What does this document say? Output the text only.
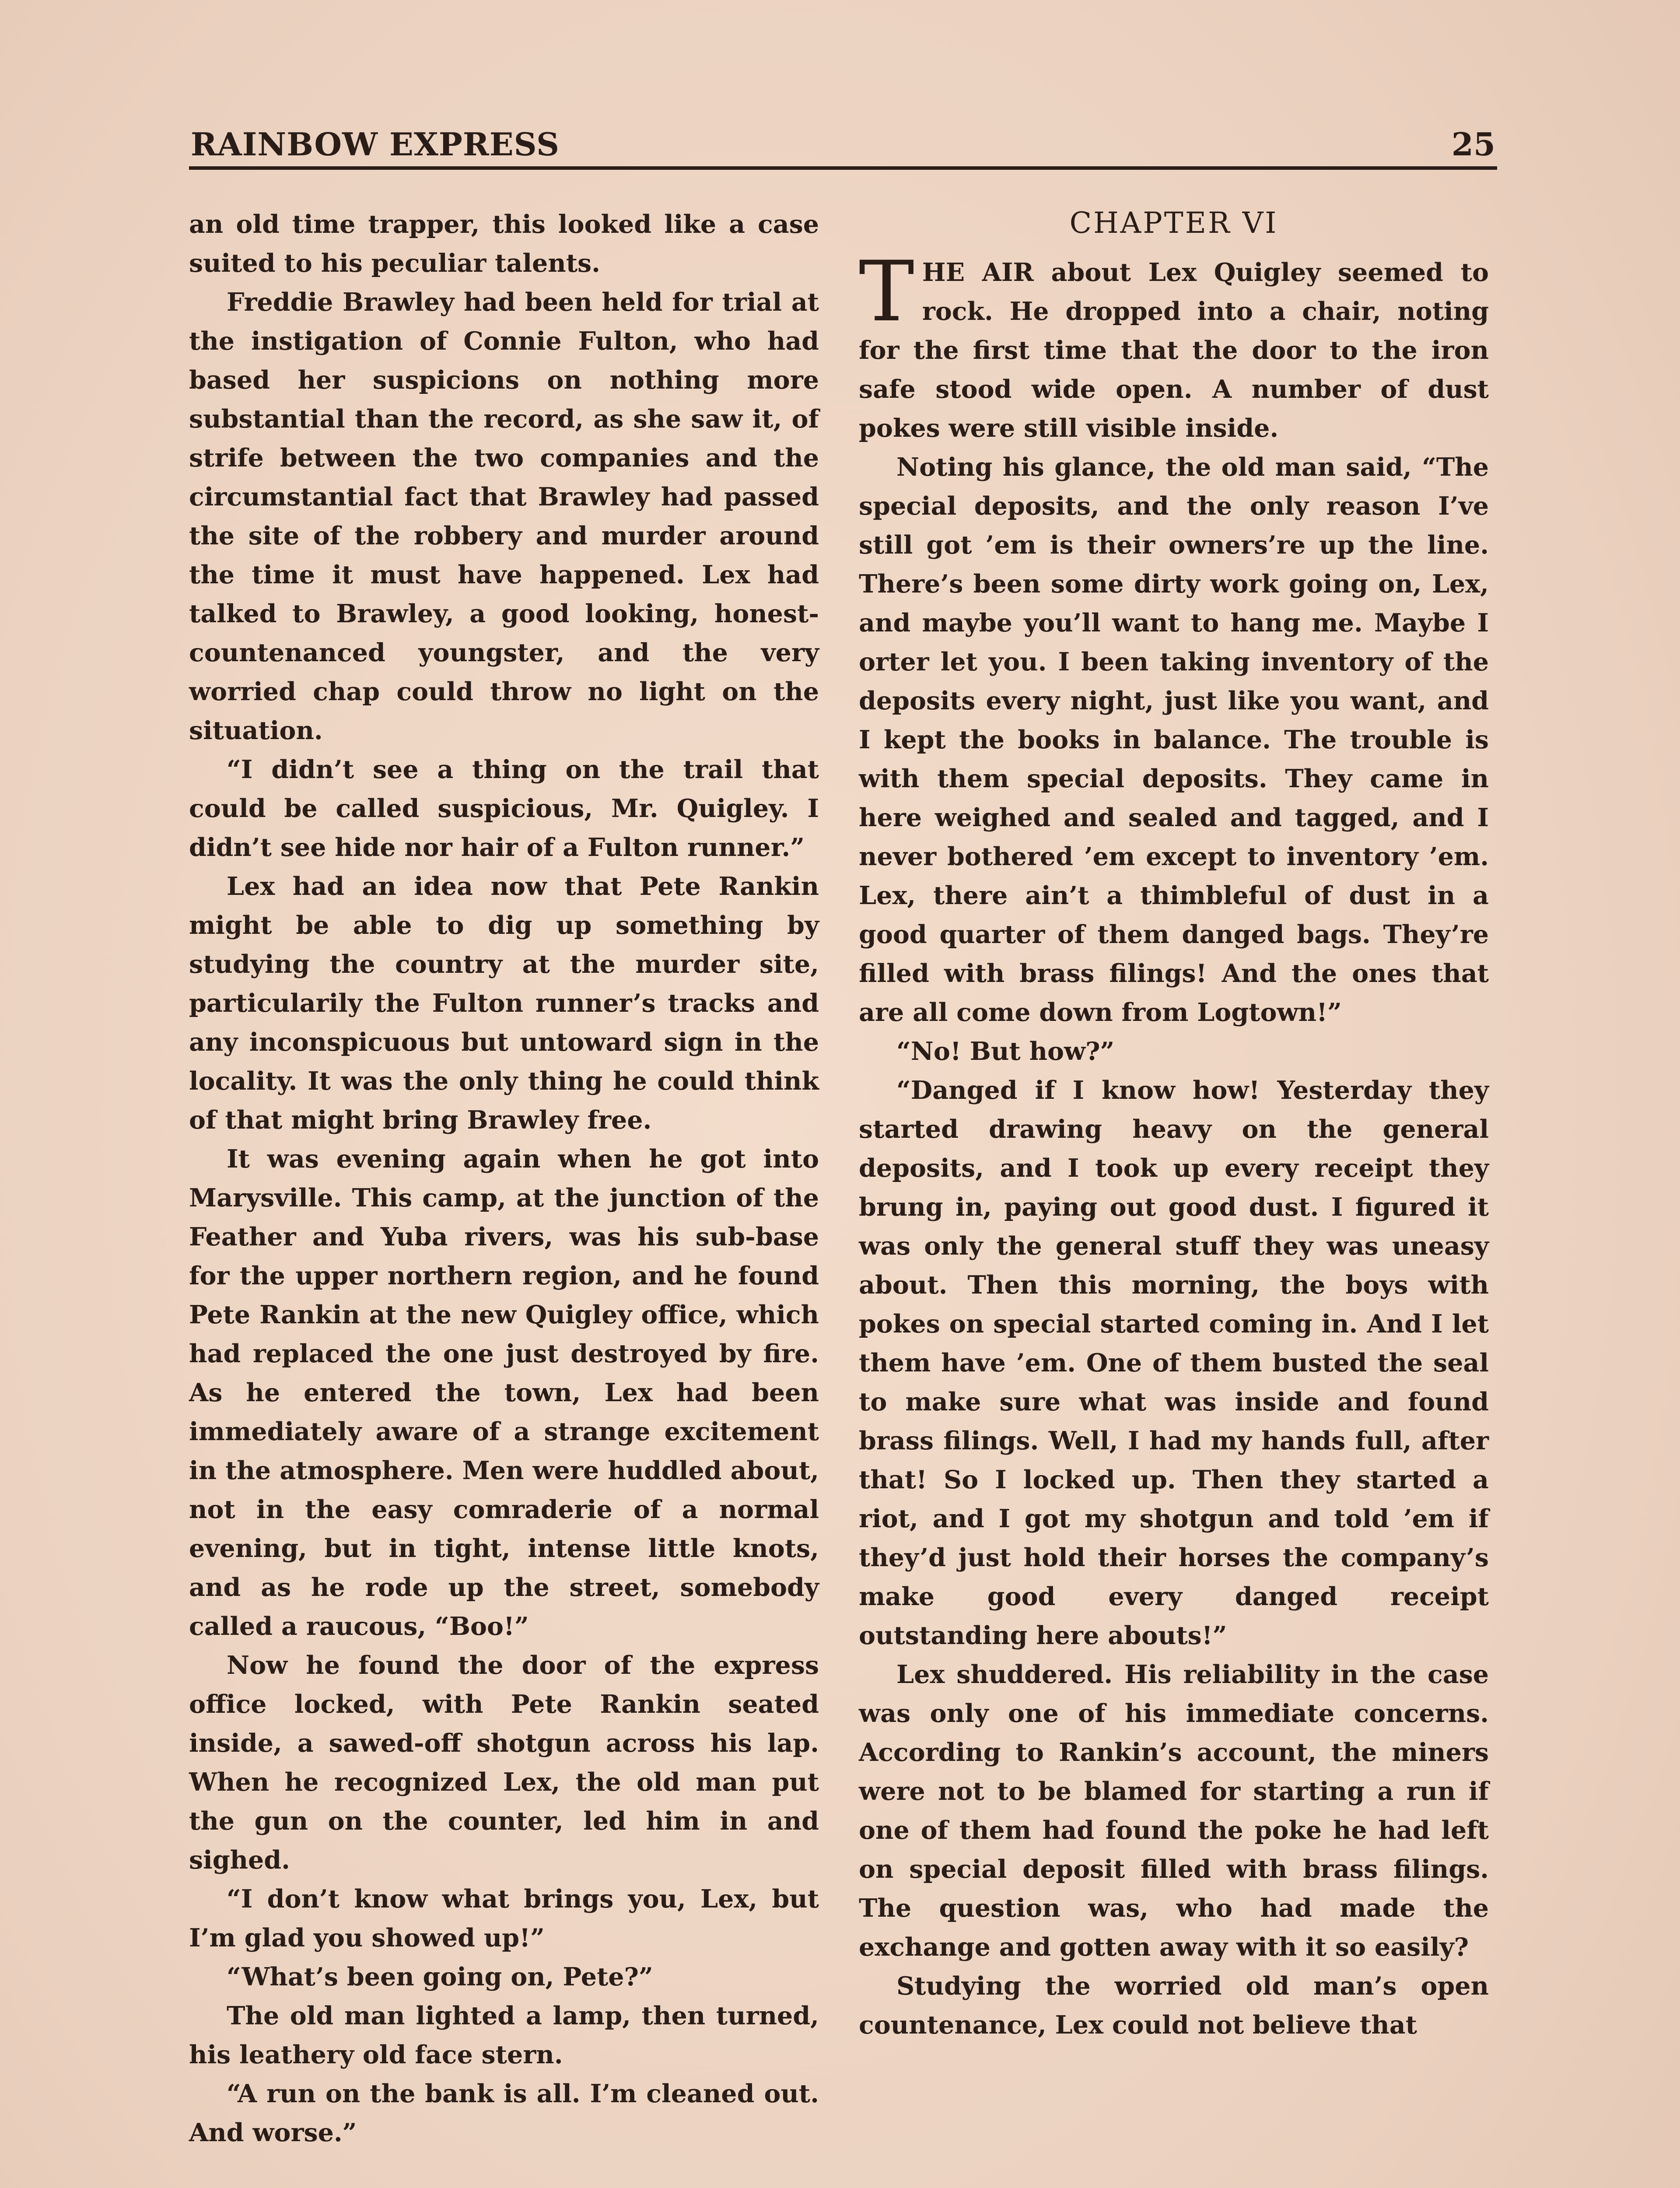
RAINBOW EXPRESS	25

an old time trapper, this looked like a case suited to his peculiar talents.

Freddie Brawley had been held for trial at the instigation of Connie Fulton, who had based her suspicions on nothing more substantial than the record, as she saw it, of strife between the two companies and the circumstantial fact that Brawley had passed the site of the robbery and murder around the time it must have happened. Lex had talked to Brawley, a good looking, honest-countenanced youngster, and the very worried chap could throw no light on the situation.

“I didn’t see a thing on the trail that could be called suspicious, Mr. Quigley. I didn’t see hide nor hair of a Fulton runner.”

Lex had an idea now that Pete Rankin might be able to dig up something by studying the country at the murder site, particularily the Fulton runner’s tracks and any inconspicuous but untoward sign in the locality. It was the only thing he could think of that might bring Brawley free.

It was evening again when he got into Marysville. This camp, at the junction of the Feather and Yuba rivers, was his sub-base for the upper northern region, and he found Pete Rankin at the new Quigley office, which had replaced the one just destroyed by fire. As he entered the town, Lex had been immediately aware of a strange excitement in the atmosphere. Men were huddled about, not in the easy comraderie of a normal evening, but in tight, intense little knots, and as he rode up the street, somebody called a raucous, “Boo!”

Now he found the door of the express office locked, with Pete Rankin seated inside, a sawed-off shotgun across his lap. When he recognized Lex, the old man put the gun on the counter, led him in and sighed.

“I don’t know what brings you, Lex, but I’m glad you showed up!”

“What’s been going on, Pete?”

The old man lighted a lamp, then turned, his leathery old face stern.

“A run on the bank is all. I’m cleaned out. And worse.”

CHAPTER VI

THE AIR about Lex Quigley seemed to rock. He dropped into a chair, noting for the first time that the door to the iron safe stood wide open. A number of dust pokes were still visible inside.

Noting his glance, the old man said, “The special deposits, and the only reason I’ve still got ’em is their owners’re up the line. There’s been some dirty work going on, Lex, and maybe you’ll want to hang me. Maybe I orter let you. I been taking inventory of the deposits every night, just like you want, and I kept the books in balance. The trouble is with them special deposits. They came in here weighed and sealed and tagged, and I never bothered ’em except to inventory ’em. Lex, there ain’t a thimbleful of dust in a good quarter of them danged bags. They’re filled with brass filings! And the ones that are all come down from Logtown!”

“No! But how?”

“Danged if I know how! Yesterday they started drawing heavy on the general deposits, and I took up every receipt they brung in, paying out good dust. I figured it was only the general stuff they was uneasy about. Then this morning, the boys with pokes on special started coming in. And I let them have ’em. One of them busted the seal to make sure what was inside and found brass filings. Well, I had my hands full, after that! So I locked up. Then they started a riot, and I got my shotgun and told ’em if they’d just hold their horses the company’s make good every danged receipt outstanding here abouts!”

Lex shuddered. His reliability in the case was only one of his immediate concerns. According to Rankin’s account, the miners were not to be blamed for starting a run if one of them had found the poke he had left on special deposit filled with brass filings. The question was, who had made the exchange and gotten away with it so easily?

Studying the worried old man’s open countenance, Lex could not believe that
